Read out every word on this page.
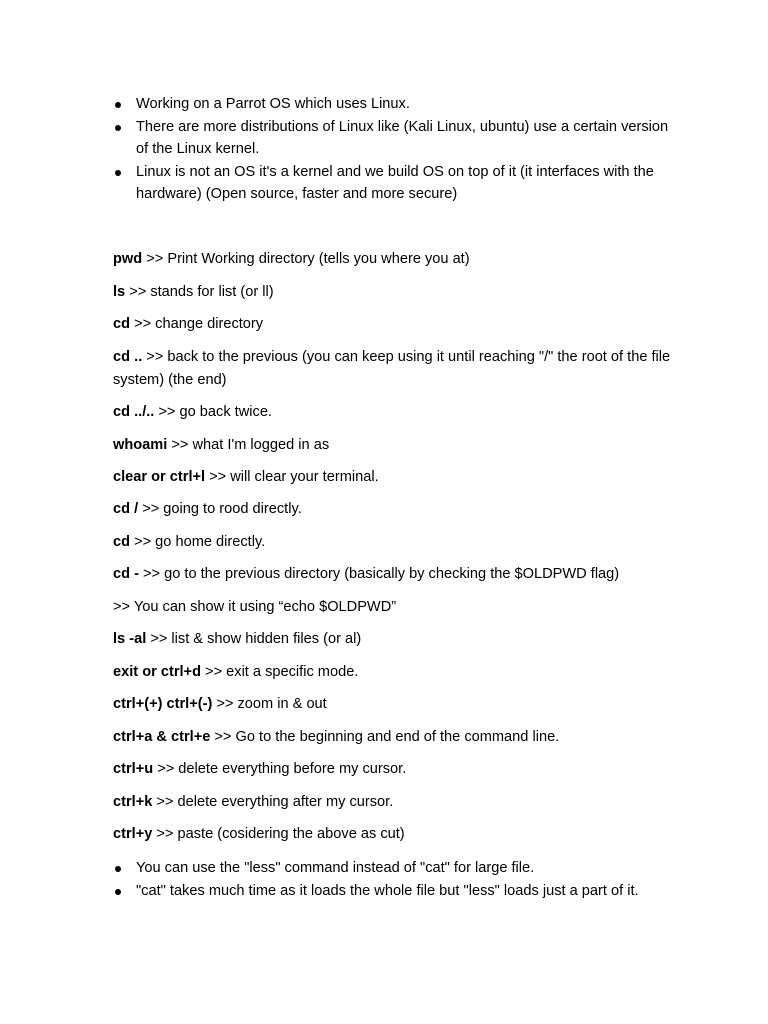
Working on a Parrot OS which uses Linux.
There are more distributions of Linux like (Kali Linux, ubuntu) use a certain version of the Linux kernel.
Linux is not an OS it's a kernel and we build OS on top of it (it interfaces with the hardware) (Open source, faster and more secure)

pwd >> Print Working directory (tells you where you at)

ls >> stands for list (or ll)

cd >> change directory

cd .. >> back to the previous (you can keep using it until reaching "/" the root of the file system) (the end)

cd ../.. >> go back twice.

whoami >> what I'm logged in as

clear or ctrl+l >> will clear your terminal.

cd / >> going to rood directly.

cd >> go home directly.

cd - >> go to the previous directory (basically by checking the $OLDPWD flag)

>> You can show it using “echo $OLDPWD”

ls -al >> list & show hidden files (or al)

exit or ctrl+d >> exit a specific mode.

ctrl+(+) ctrl+(-) >> zoom in & out

ctrl+a & ctrl+e >> Go to the beginning and end of the command line.

ctrl+u >> delete everything before my cursor.

ctrl+k >> delete everything after my cursor.

ctrl+y >> paste (cosidering the above as cut)

You can use the "less" command instead of "cat" for large file.
"cat" takes much time as it loads the whole file but "less" loads just a part of it.
